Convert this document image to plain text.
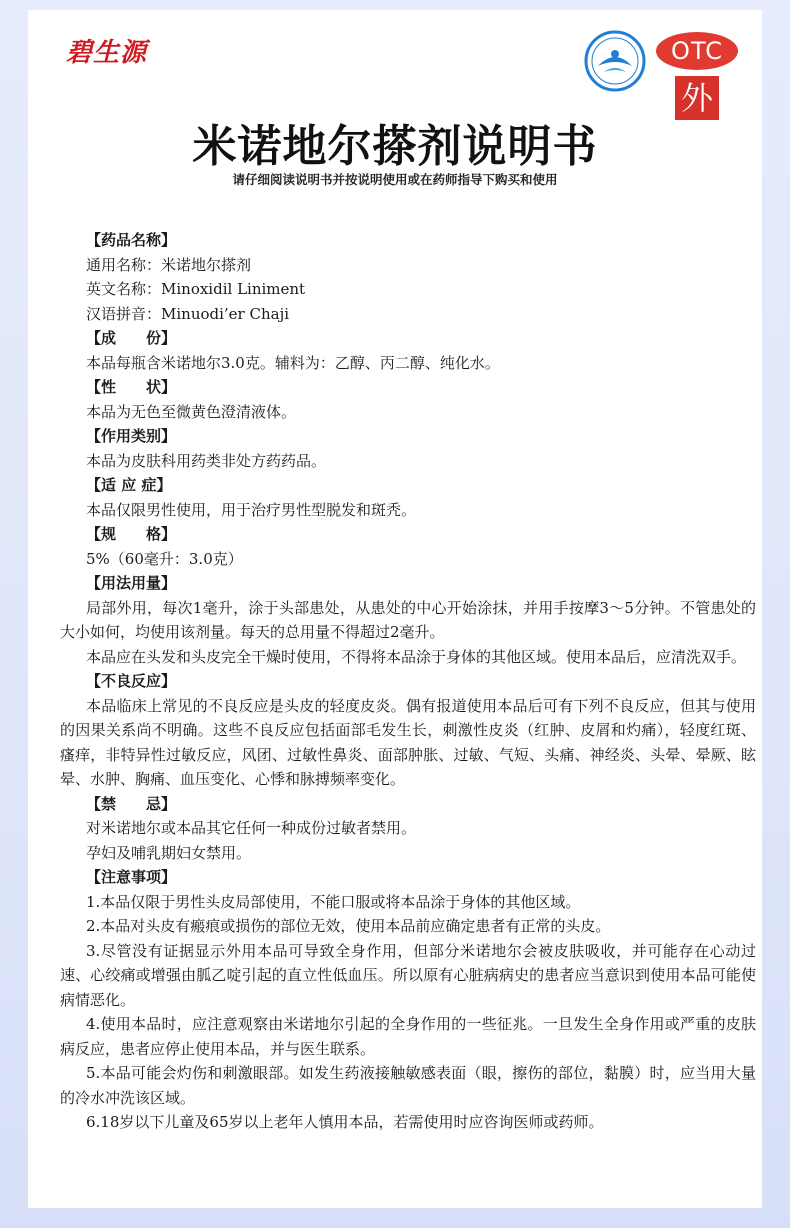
碧生源	OTC
外
米诺地尔搽剂说明书
请仔细阅读说明书并按说明使用或在药师指导下购买和使用
【药品名称】
通用名称：米诺地尔搽剂
英文名称：Minoxidil Liniment
汉语拼音：Minuodi’er Chaji
【成　　份】
本品每瓶含米诺地尔3.0克。辅料为：乙醇、丙二醇、纯化水。
【性　　状】
本品为无色至微黄色澄清液体。
【作用类别】
本品为皮肤科用药类非处方药药品。
【适 应 症】
本品仅限男性使用，用于治疗男性型脱发和斑秃。
【规　　格】
5%（60毫升：3.0克）
【用法用量】
局部外用，每次1毫升，涂于头部患处，从患处的中心开始涂抹，并用手按摩3～5分钟。不管患处的大小如何，均使用该剂量。每天的总用量不得超过2毫升。
本品应在头发和头皮完全干燥时使用，不得将本品涂于身体的其他区域。使用本品后，应清洗双手。
【不良反应】
本品临床上常见的不良反应是头皮的轻度皮炎。偶有报道使用本品后可有下列不良反应，但其与使用的因果关系尚不明确。这些不良反应包括面部毛发生长，刺激性皮炎（红肿、皮屑和灼痛），轻度红斑、瘙痒，非特异性过敏反应，风团、过敏性鼻炎、面部肿胀、过敏、气短、头痛、神经炎、头晕、晕厥、眩晕、水肿、胸痛、血压变化、心悸和脉搏频率变化。
【禁　　忌】
对米诺地尔或本品其它任何一种成份过敏者禁用。
孕妇及哺乳期妇女禁用。
【注意事项】
1.本品仅限于男性头皮局部使用，不能口服或将本品涂于身体的其他区域。
2.本品对头皮有瘢痕或损伤的部位无效，使用本品前应确定患者有正常的头皮。
3.尽管没有证据显示外用本品可导致全身作用，但部分米诺地尔会被皮肤吸收，并可能存在心动过速、心绞痛或增强由胍乙啶引起的直立性低血压。所以原有心脏病病史的患者应当意识到使用本品可能使病情恶化。
4.使用本品时，应注意观察由米诺地尔引起的全身作用的一些征兆。一旦发生全身作用或严重的皮肤病反应，患者应停止使用本品，并与医生联系。
5.本品可能会灼伤和刺激眼部。如发生药液接触敏感表面（眼，擦伤的部位，黏膜）时，应当用大量的冷水冲洗该区域。
6.18岁以下儿童及65岁以上老年人慎用本品，若需使用时应咨询医师或药师。
